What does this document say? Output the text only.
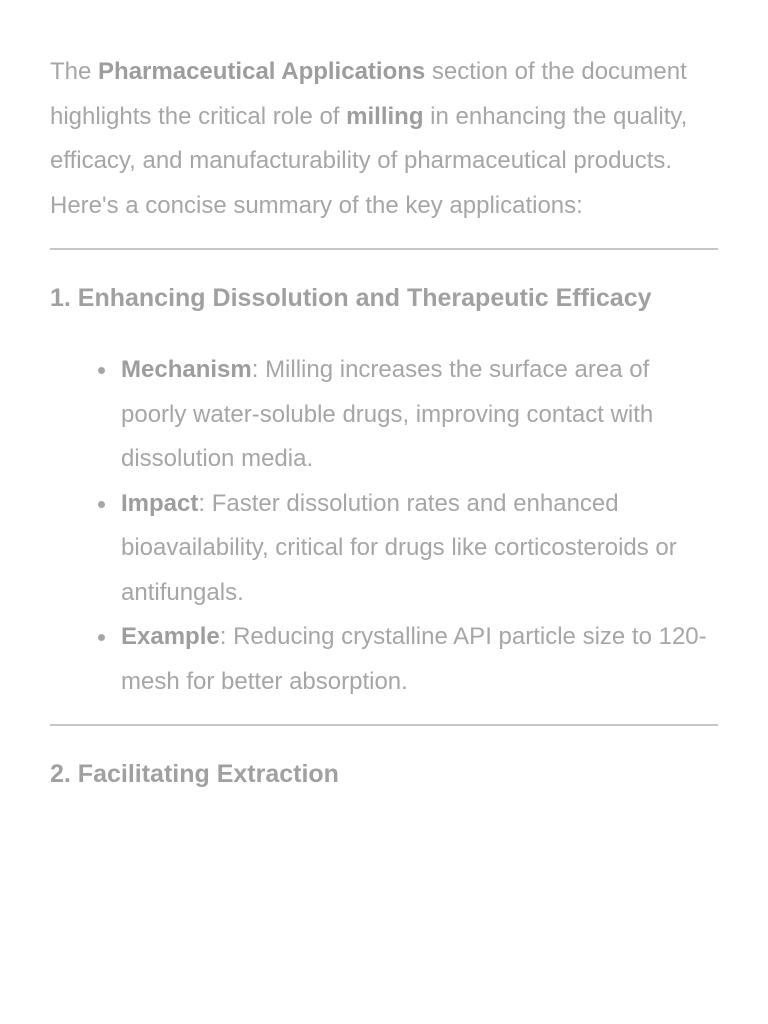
The Pharmaceutical Applications section of the document highlights the critical role of milling in enhancing the quality, efficacy, and manufacturability of pharmaceutical products. Here's a concise summary of the key applications:

1. Enhancing Dissolution and Therapeutic Efficacy
Mechanism: Milling increases the surface area of poorly water-soluble drugs, improving contact with dissolution media.
Impact: Faster dissolution rates and enhanced bioavailability, critical for drugs like corticosteroids or antifungals.
Example: Reducing crystalline API particle size to 120-mesh for better absorption.
2. Facilitating Extraction
